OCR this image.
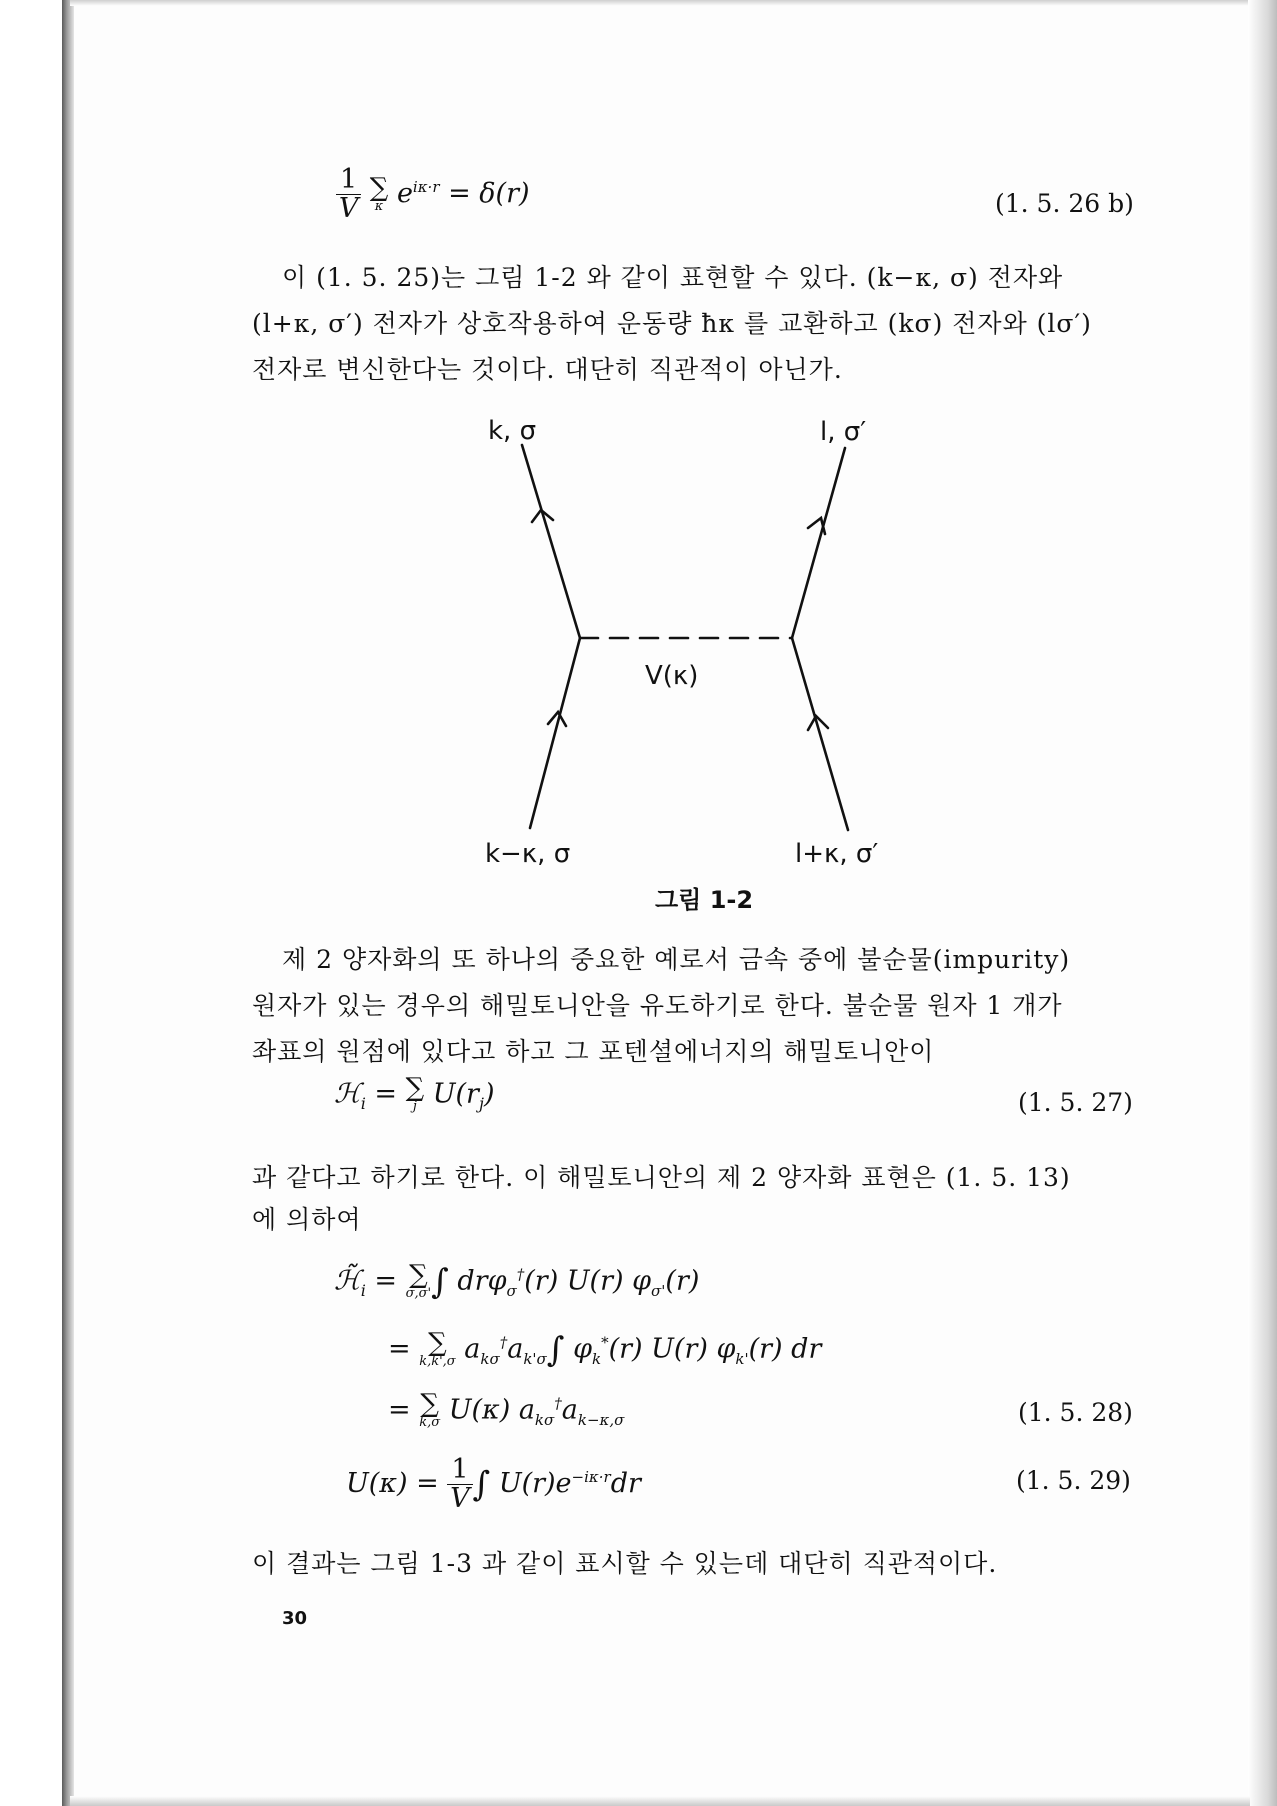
$\frac{1}{V}$
∑
κ $e^{i\kappa\cdot r} = \delta(r)$	(1. 5. 26 b)
이 (1. 5. 25)는 그림 1-2 와 같이 표현할 수 있다. (k−κ, σ) 전자와
(l+κ, σ′) 전자가 상호작용하여 운동량 ħκ 를 교환하고 (kσ) 전자와 (lσ′)
전자로 변신한다는 것이다. 대단히 직관적이 아닌가.
k, σ	l, σ′
V(κ)
k−κ, σ	l+κ, σ′
그림 1-2
제 2 양자화의 또 하나의 중요한 예로서 금속 중에 불순물(impurity)
원자가 있는 경우의 해밀토니안을 유도하기로 한다. 불순물 원자 1 개가
좌표의 원점에 있다고 하고 그 포텐셜에너지의 해밀토니안이
ℋ$_i$ = ∑
j $U(r_j)$	(1. 5. 27)
과 같다고 하기로 한다. 이 해밀토니안의 제 2 양자화 표현은 (1. 5. 13)
에 의하여
$ℋ̃_i$ = ∑
σ,σ' ∫ drφ$_\sigma$†(r) U(r) $\varphi_{\sigma'}(r)$
= ∑
k,k',σ $a_{k\sigma}^\dagger a_{k'\sigma}\int$ $\varphi_k^*(r)$ U(r) $\varphi_{k'}(r)$ dr
= ∑
k,σ U(κ) $a_{k\sigma}^\dagger a_{k-\kappa,\sigma}$	(1. 5. 28)
$U(\kappa) = \frac{1}{V}$ ∫ $U(r)e^{-i\kappa\cdot r}dr$	(1. 5. 29)
이 결과는 그림 1-3 과 같이 표시할 수 있는데 대단히 직관적이다.
30
